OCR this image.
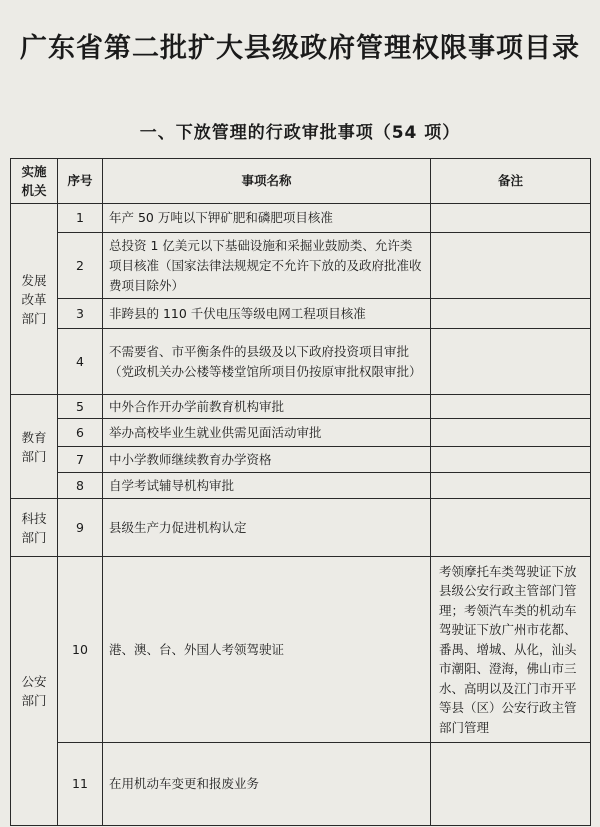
广东省第二批扩大县级政府管理权限事项目录
一、下放管理的行政审批事项（54 项）
实施机关	序号	事项名称	备注
发展改革部门	1	年产 50 万吨以下钾矿肥和磷肥项目核准	
	2	总投资 1 亿美元以下基础设施和采掘业鼓励类、允许类项目核准（国家法律法规规定不允许下放的及政府批准收费项目除外）	
	3	非跨县的 110 千伏电压等级电网工程项目核准	
	4	不需要省、市平衡条件的县级及以下政府投资项目审批（党政机关办公楼等楼堂馆所项目仍按原审批权限审批）	
教育部门	5	中外合作开办学前教育机构审批	
	6	举办高校毕业生就业供需见面活动审批	
	7	中小学教师继续教育办学资格	
	8	自学考试辅导机构审批	
科技部门	9	县级生产力促进机构认定	
公安部门	10	港、澳、台、外国人考领驾驶证	考领摩托车类驾驶证下放县级公安行政主管部门管理；考领汽车类的机动车驾驶证下放广州市花都、番禺、增城、从化，汕头市潮阳、澄海，佛山市三水、高明以及江门市开平等县（区）公安行政主管部门管理
	11	在用机动车变更和报废业务	
